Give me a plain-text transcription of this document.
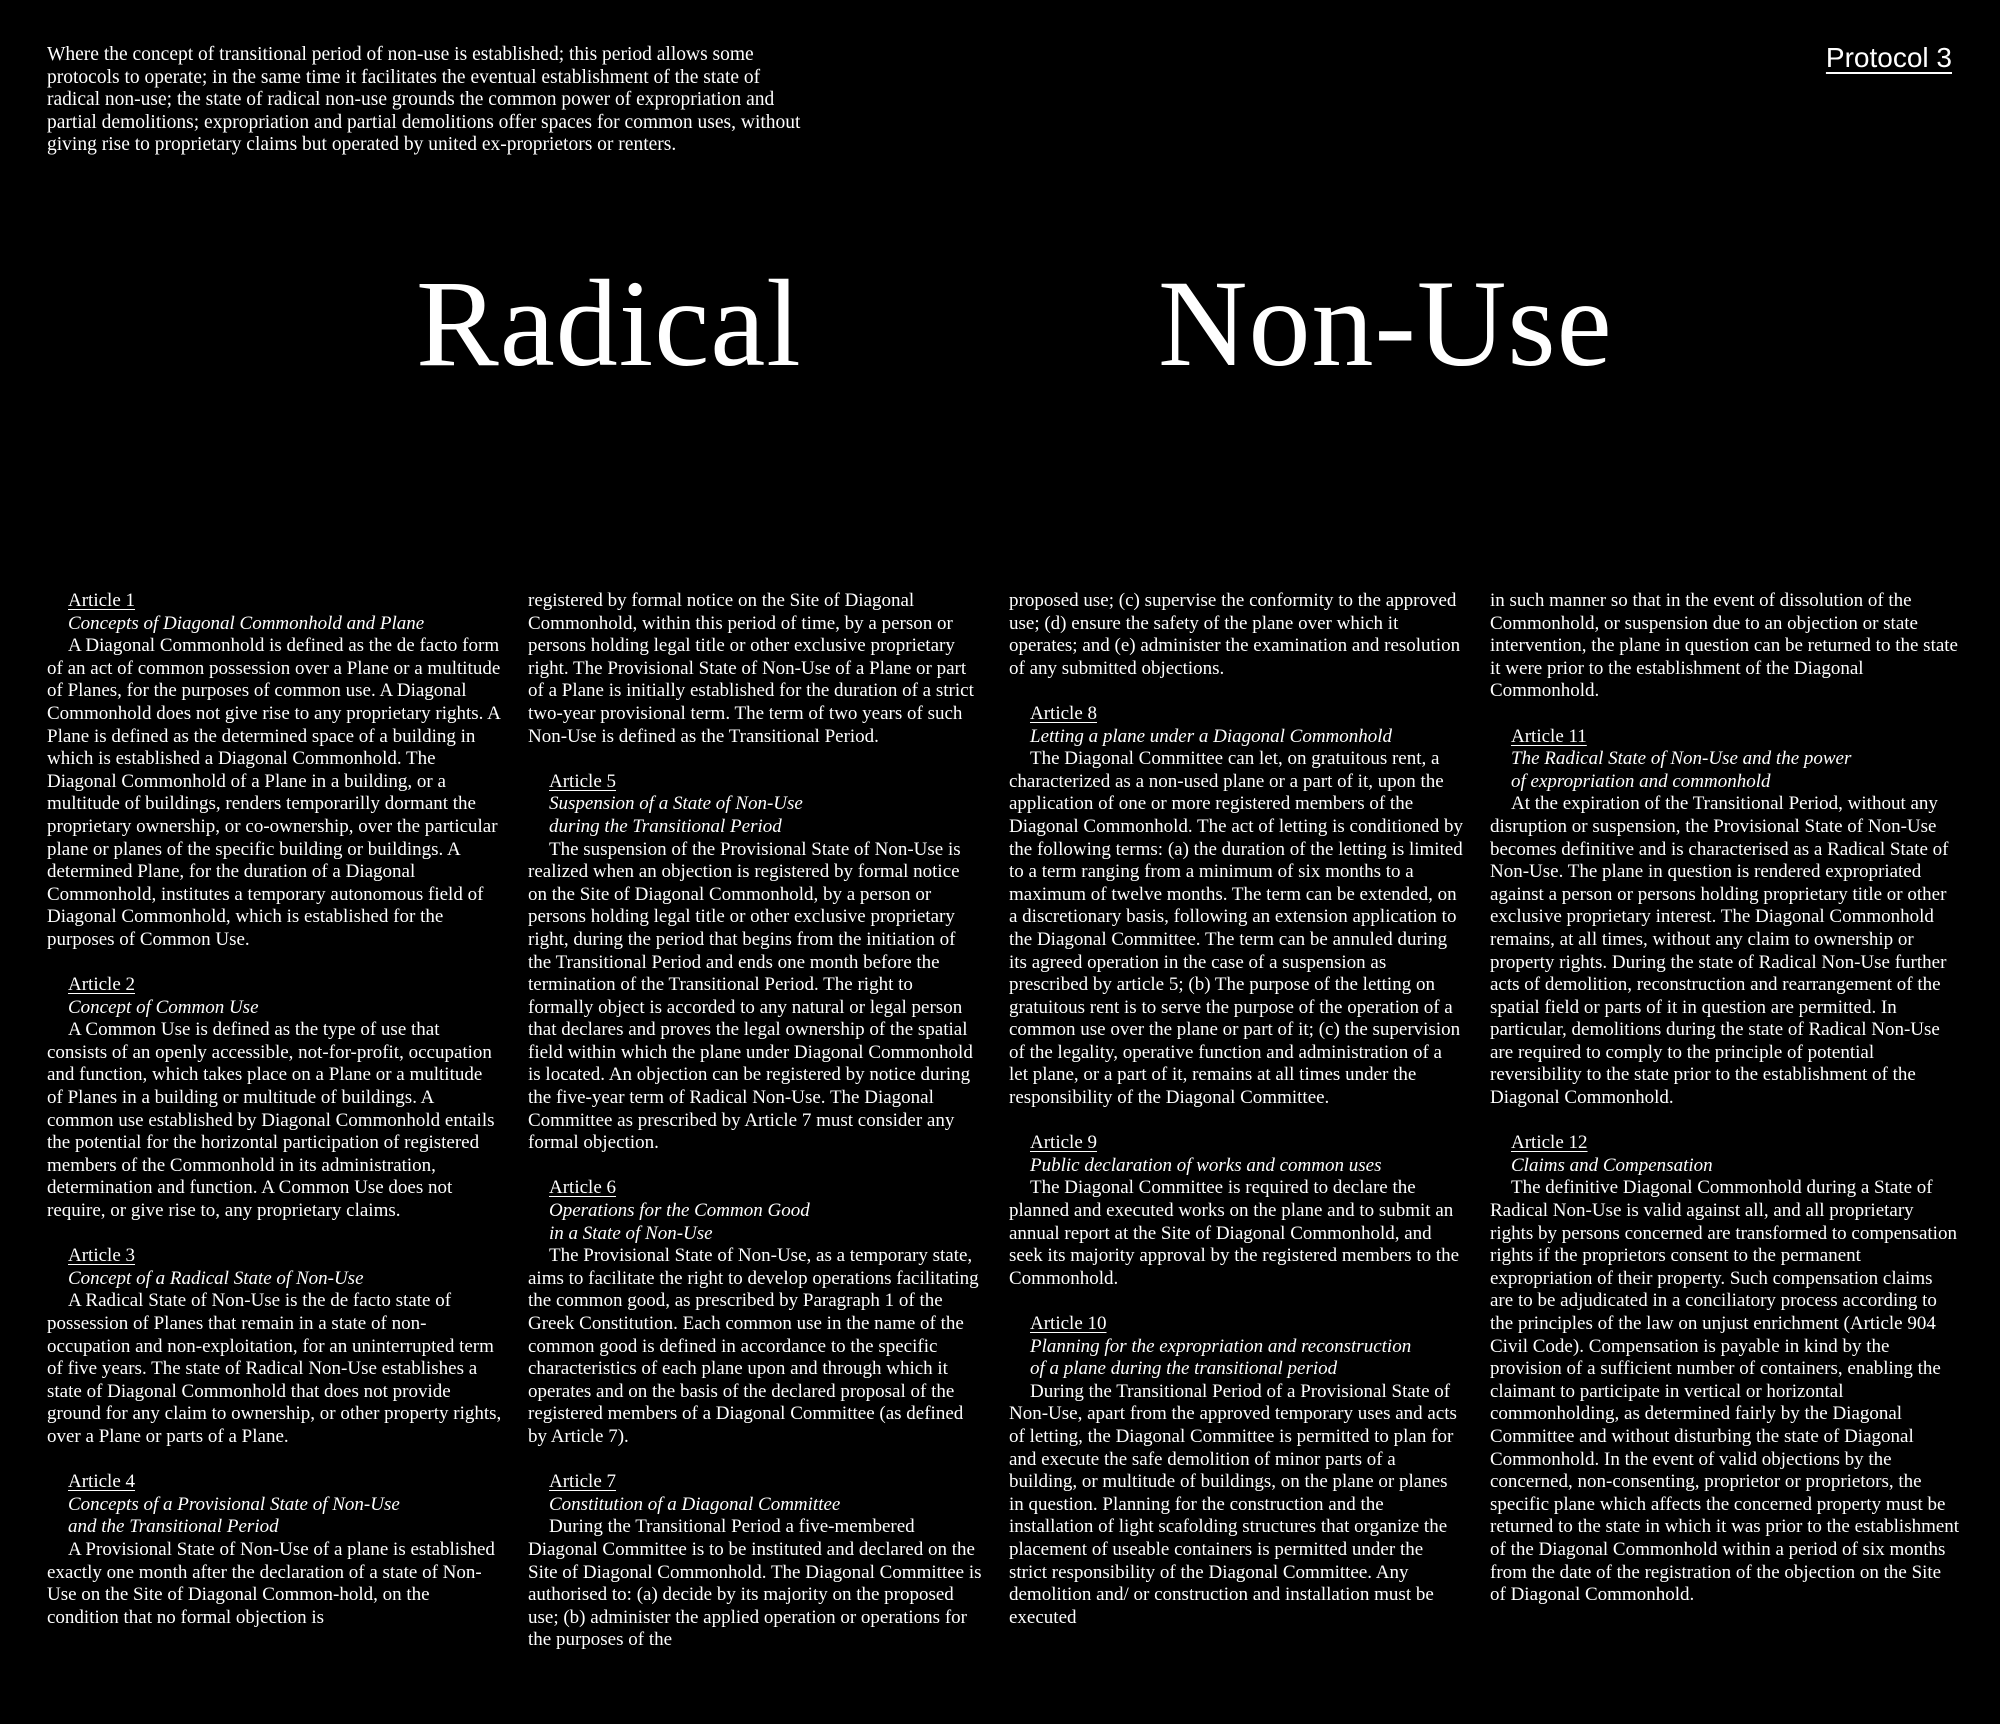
Where the concept of transitional period of non-use is established; this period allows some protocols to operate; in the same time it facilitates the eventual establishment of the state of radical non-use; the state of radical non-use grounds the common power of expropriation and partial demolitions; expropriation and partial demolitions offer spaces for common uses, without giving rise to proprietary claims but operated by united ex-proprietors or renters.

Protocol 3
Radical	Non-Use
Article 1
Concepts of Diagonal Commonhold and Plane

A Diagonal Commonhold is defined as the de facto form of an act of common possession over a Plane or a multitude of Planes, for the purposes of common use. A Diagonal Commonhold does not give rise to any proprietary rights. A Plane is defined as the determined space of a building in which is established a Diagonal Commonhold. The Diagonal Commonhold of a Plane in a building, or a multitude of buildings, renders temporarilly dormant the proprietary ownership, or co-ownership, over the particular plane or planes of the specific building or buildings. A determined Plane, for the duration of a Diagonal Commonhold, institutes a temporary autonomous field of Diagonal Commonhold, which is established for the purposes of Common Use.

Article 2
Concept of Common Use

A Common Use is defined as the type of use that consists of an openly accessible, not-for-profit, occupation and function, which takes place on a Plane or a multitude of Planes in a building or multitude of buildings. A common use established by Diagonal Commonhold entails the potential for the horizontal participation of registered members of the Commonhold in its administration, determination and function. A Common Use does not require, or give rise to, any proprietary claims.

Article 3
Concept of a Radical State of Non-Use

A Radical State of Non-Use is the de facto state of possession of Planes that remain in a state of non-occupation and non-exploitation, for an uninterrupted term of five years. The state of Radical Non-Use establishes a state of Diagonal Commonhold that does not provide ground for any claim to ownership, or other property rights, over a Plane or parts of a Plane.

Article 4
Concepts of a Provisional State of Non-Use
and the Transitional Period

A Provisional State of Non-Use of a plane is established exactly one month after the declaration of a state of Non-Use on the Site of Diagonal Common-hold, on the condition that no formal objection is

registered by formal notice on the Site of Diagonal Commonhold, within this period of time, by a person or persons holding legal title or other exclusive proprietary right. The Provisional State of Non-Use of a Plane or part of a Plane is initially established for the duration of a strict two-year provisional term. The term of two years of such Non-Use is defined as the Transitional Period.

Article 5
Suspension of a State of Non-Use
during the Transitional Period

The suspension of the Provisional State of Non-Use is realized when an objection is registered by formal notice on the Site of Diagonal Commonhold, by a person or persons holding legal title or other exclusive proprietary right, during the period that begins from the initiation of the Transitional Period and ends one month before the termination of the Transitional Period. The right to formally object is accorded to any natural or legal person that declares and proves the legal ownership of the spatial field within which the plane under Diagonal Commonhold is located. An objection can be registered by notice during the five-year term of Radical Non-Use. The Diagonal Committee as prescribed by Article 7 must consider any formal objection.

Article 6
Operations for the Common Good
in a State of Non-Use

The Provisional State of Non-Use, as a temporary state, aims to facilitate the right to develop operations facilitating the common good, as prescribed by Paragraph 1 of the Greek Constitution. Each common use in the name of the common good is defined in accordance to the specific characteristics of each plane upon and through which it operates and on the basis of the declared proposal of the registered members of a Diagonal Committee (as defined by Article 7).

Article 7
Constitution of a Diagonal Committee

During the Transitional Period a five-membered Diagonal Committee is to be instituted and declared on the Site of Diagonal Commonhold. The Diagonal Committee is authorised to: (a) decide by its majority on the proposed use; (b) administer the applied operation or operations for the purposes of the

proposed use; (c) supervise the conformity to the approved use; (d) ensure the safety of the plane over which it operates; and (e) administer the examination and resolution of any submitted objections.

Article 8
Letting a plane under a Diagonal Commonhold

The Diagonal Committee can let, on gratuitous rent, a characterized as a non-used plane or a part of it, upon the application of one or more registered members of the Diagonal Commonhold. The act of letting is conditioned by the following terms: (a) the duration of the letting is limited to a term ranging from a minimum of six months to a maximum of twelve months. The term can be extended, on a discretionary basis, following an extension application to the Diagonal Committee. The term can be annuled during its agreed operation in the case of a suspension as prescribed by article 5; (b) The purpose of the letting on gratuitous rent is to serve the purpose of the operation of a common use over the plane or part of it; (c) the supervision of the legality, operative function and administration of a let plane, or a part of it, remains at all times under the responsibility of the Diagonal Committee.

Article 9
Public declaration of works and common uses

The Diagonal Committee is required to declare the planned and executed works on the plane and to submit an annual report at the Site of Diagonal Commonhold, and seek its majority approval by the registered members to the Commonhold.

Article 10
Planning for the expropriation and reconstruction
of a plane during the transitional period

During the Transitional Period of a Provisional State of Non-Use, apart from the approved temporary uses and acts of letting, the Diagonal Committee is permitted to plan for and execute the safe demolition of minor parts of a building, or multitude of buildings, on the plane or planes in question. Planning for the construction and the installation of light scafolding structures that organize the placement of useable containers is permitted under the strict responsibility of the Diagonal Committee. Any demolition and/ or construction and installation must be executed

in such manner so that in the event of dissolution of the Commonhold, or suspension due to an objection or state intervention, the plane in question can be returned to the state it were prior to the establishment of the Diagonal Commonhold.

Article 11
The Radical State of Non-Use and the power
of expropriation and commonhold

At the expiration of the Transitional Period, without any disruption or suspension, the Provisional State of Non-Use becomes definitive and is characterised as a Radical State of Non-Use. The plane in question is rendered expropriated against a person or persons holding proprietary title or other exclusive proprietary interest. The Diagonal Commonhold remains, at all times, without any claim to ownership or property rights. During the state of Radical Non-Use further acts of demolition, reconstruction and rearrangement of the spatial field or parts of it in question are permitted. In particular, demolitions during the state of Radical Non-Use are required to comply to the principle of potential reversibility to the state prior to the establishment of the Diagonal Commonhold.

Article 12
Claims and Compensation

The definitive Diagonal Commonhold during a State of Radical Non-Use is valid against all, and all proprietary rights by persons concerned are transformed to compensation rights if the proprietors consent to the permanent expropriation of their property. Such compensation claims are to be adjudicated in a conciliatory process according to the principles of the law on unjust enrichment (Article 904 Civil Code). Compensation is payable in kind by the provision of a sufficient number of containers, enabling the claimant to participate in vertical or horizontal commonholding, as determined fairly by the Diagonal Committee and without disturbing the state of Diagonal Commonhold. In the event of valid objections by the concerned, non-consenting, proprietor or proprietors, the specific plane which affects the concerned property must be returned to the state in which it was prior to the establishment of the Diagonal Commonhold within a period of six months from the date of the registration of the objection on the Site of Diagonal Commonhold.
